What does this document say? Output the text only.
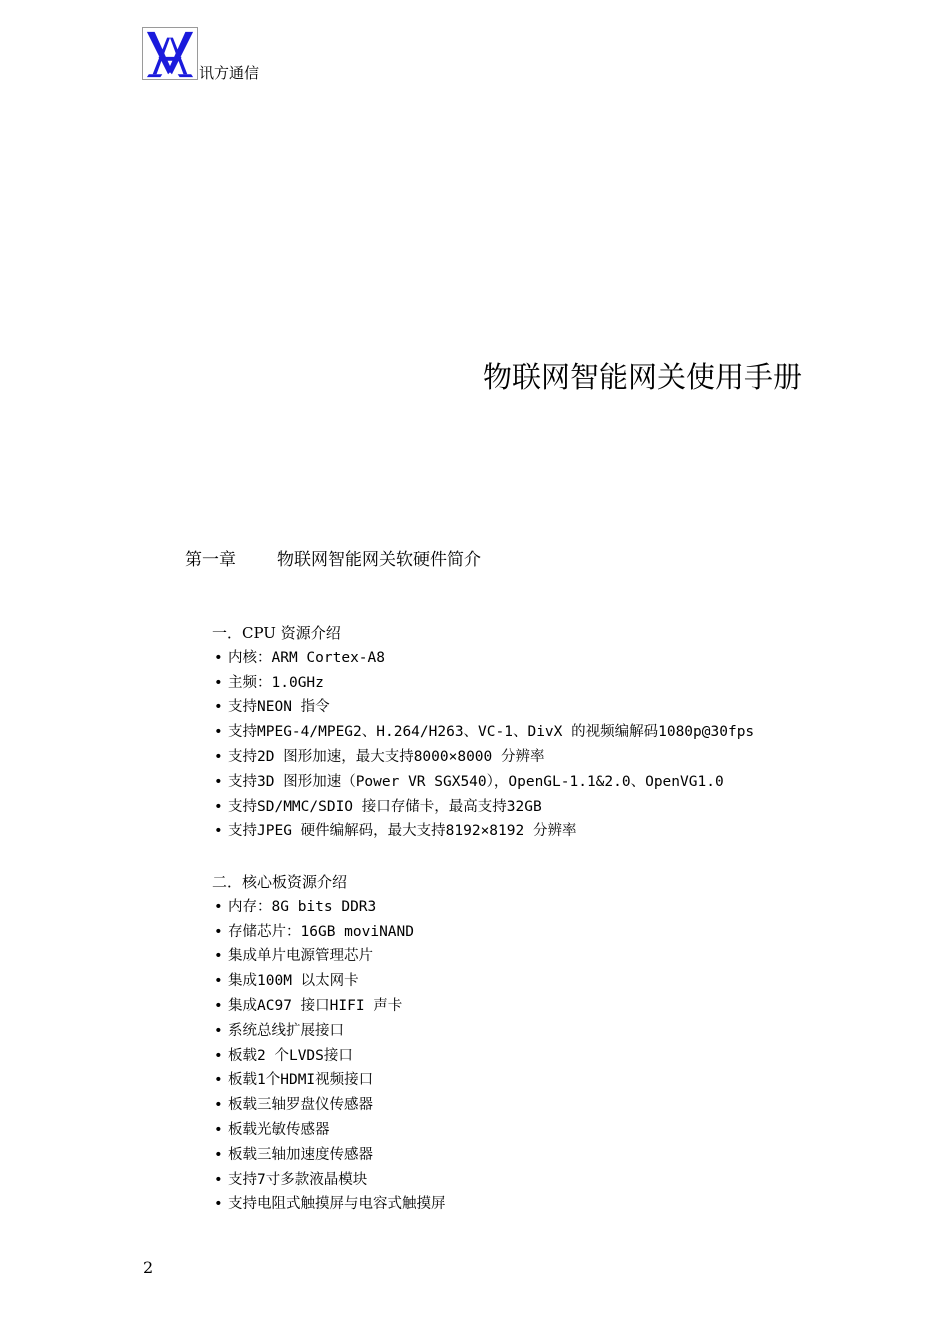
讯方通信
物联网智能网关使用手册
第一章 物联网智能网关软硬件简介
一．CPU 资源介绍
• 内核：ARM Cortex-A8
• 主频：1.0GHz
• 支持NEON 指令
• 支持MPEG-4/MPEG2、H.264/H263、VC-1、DivX 的视频编解码1080p@30fps
• 支持2D 图形加速，最大支持8000×8000 分辨率
• 支持3D 图形加速（Power VR SGX540），OpenGL-1.1&2.0、OpenVG1.0
• 支持SD/MMC/SDIO 接口存储卡，最高支持32GB
• 支持JPEG 硬件编解码，最大支持8192×8192 分辨率
二．核心板资源介绍
• 内存：8G bits DDR3
• 存储芯片：16GB moviNAND
• 集成单片电源管理芯片
• 集成100M 以太网卡
• 集成AC97 接口HIFI 声卡
• 系统总线扩展接口
• 板载2 个LVDS接口
• 板载1个HDMI视频接口
• 板载三轴罗盘仪传感器
• 板载光敏传感器
• 板载三轴加速度传感器
• 支持7寸多款液晶模块
• 支持电阻式触摸屏与电容式触摸屏
2
